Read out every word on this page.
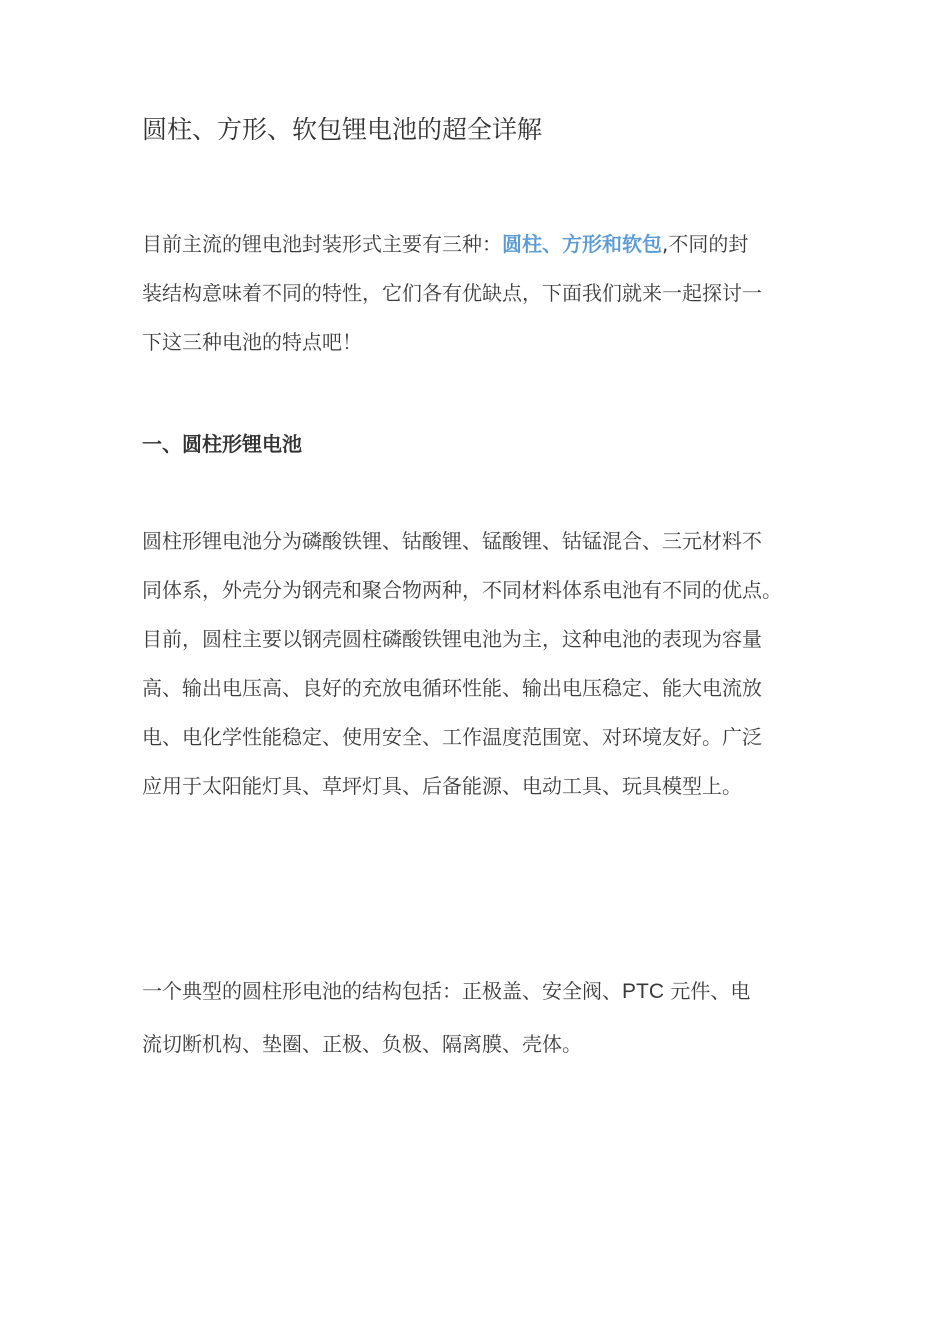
圆柱、方形、软包锂电池的超全详解

目前主流的锂电池封装形式主要有三种：圆柱、方形和软包,不同的封
装结构意味着不同的特性，它们各有优缺点，下面我们就来一起探讨一
下这三种电池的特点吧！

一、圆柱形锂电池

圆柱形锂电池分为磷酸铁锂、钴酸锂、锰酸锂、钴锰混合、三元材料不
同体系，外壳分为钢壳和聚合物两种，不同材料体系电池有不同的优点。
目前，圆柱主要以钢壳圆柱磷酸铁锂电池为主，这种电池的表现为容量
高、输出电压高、良好的充放电循环性能、输出电压稳定、能大电流放
电、电化学性能稳定、使用安全、工作温度范围宽、对环境友好。广泛
应用于太阳能灯具、草坪灯具、后备能源、电动工具、玩具模型上。

一个典型的圆柱形电池的结构包括：正极盖、安全阀、PTC 元件、电
流切断机构、垫圈、正极、负极、隔离膜、壳体。
